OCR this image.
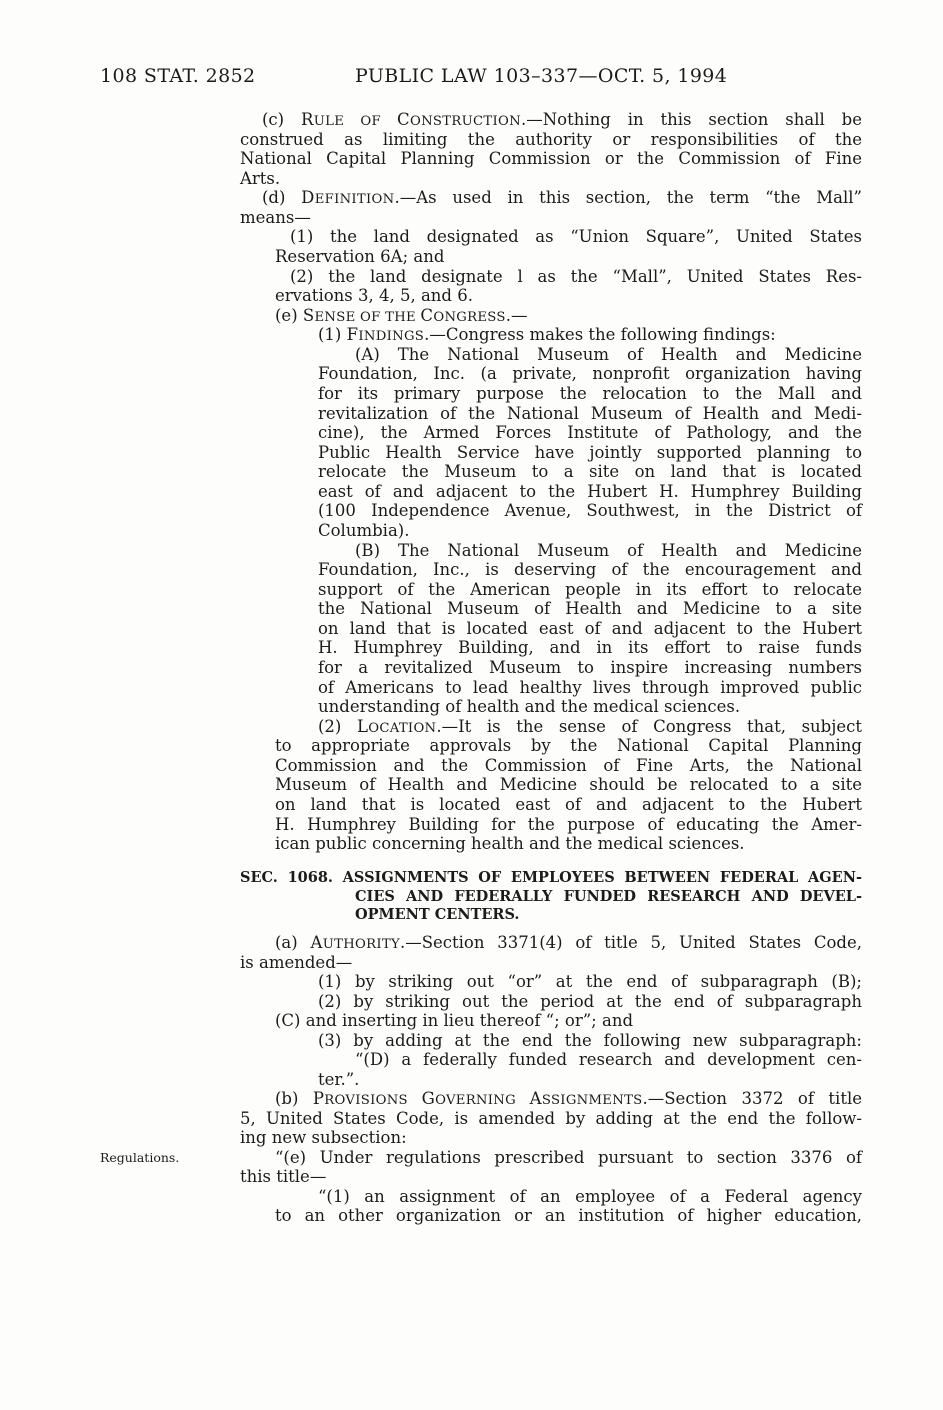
108 STAT. 2852	PUBLIC LAW 103–337—OCT. 5, 1994
(c) RULE OF CONSTRUCTION.—Nothing in this section shall be
construed as limiting the authority or responsibilities of the
National Capital Planning Commission or the Commission of Fine
Arts.
(d) DEFINITION.—As used in this section, the term “the Mall”
means—
(1) the land designated as “Union Square”, United States
Reservation 6A; and
(2) the land designate l as the “Mall”, United States Res-
ervations 3, 4, 5, and 6.
(e) SENSE OF THE CONGRESS.—
(1) FINDINGS.—Congress makes the following findings:
(A) The National Museum of Health and Medicine
Foundation, Inc. (a private, nonprofit organization having
for its primary purpose the relocation to the Mall and
revitalization of the National Museum of Health and Medi-
cine), the Armed Forces Institute of Pathology, and the
Public Health Service have jointly supported planning to
relocate the Museum to a site on land that is located
east of and adjacent to the Hubert H. Humphrey Building
(100 Independence Avenue, Southwest, in the District of
Columbia).
(B) The National Museum of Health and Medicine
Foundation, Inc., is deserving of the encouragement and
support of the American people in its effort to relocate
the National Museum of Health and Medicine to a site
on land that is located east of and adjacent to the Hubert
H. Humphrey Building, and in its effort to raise funds
for a revitalized Museum to inspire increasing numbers
of Americans to lead healthy lives through improved public
understanding of health and the medical sciences.
(2) LOCATION.—It is the sense of Congress that, subject
to appropriate approvals by the National Capital Planning
Commission and the Commission of Fine Arts, the National
Museum of Health and Medicine should be relocated to a site
on land that is located east of and adjacent to the Hubert
H. Humphrey Building for the purpose of educating the Amer-
ican public concerning health and the medical sciences.
SEC. 1068. ASSIGNMENTS OF EMPLOYEES BETWEEN FEDERAL AGEN-
CIES AND FEDERALLY FUNDED RESEARCH AND DEVEL-
OPMENT CENTERS.
(a) AUTHORITY.—Section 3371(4) of title 5, United States Code,
is amended—
(1) by striking out “or” at the end of subparagraph (B);
(2) by striking out the period at the end of subparagraph
(C) and inserting in lieu thereof “; or”; and
(3) by adding at the end the following new subparagraph:
“(D) a federally funded research and development cen-
ter.”.
(b) PROVISIONS GOVERNING ASSIGNMENTS.—Section 3372 of title
5, United States Code, is amended by adding at the end the follow-
ing new subsection:
Regulations.	“(e) Under regulations prescribed pursuant to section 3376 of
this title—
“(1) an assignment of an employee of a Federal agency
to an other organization or an institution of higher education,
